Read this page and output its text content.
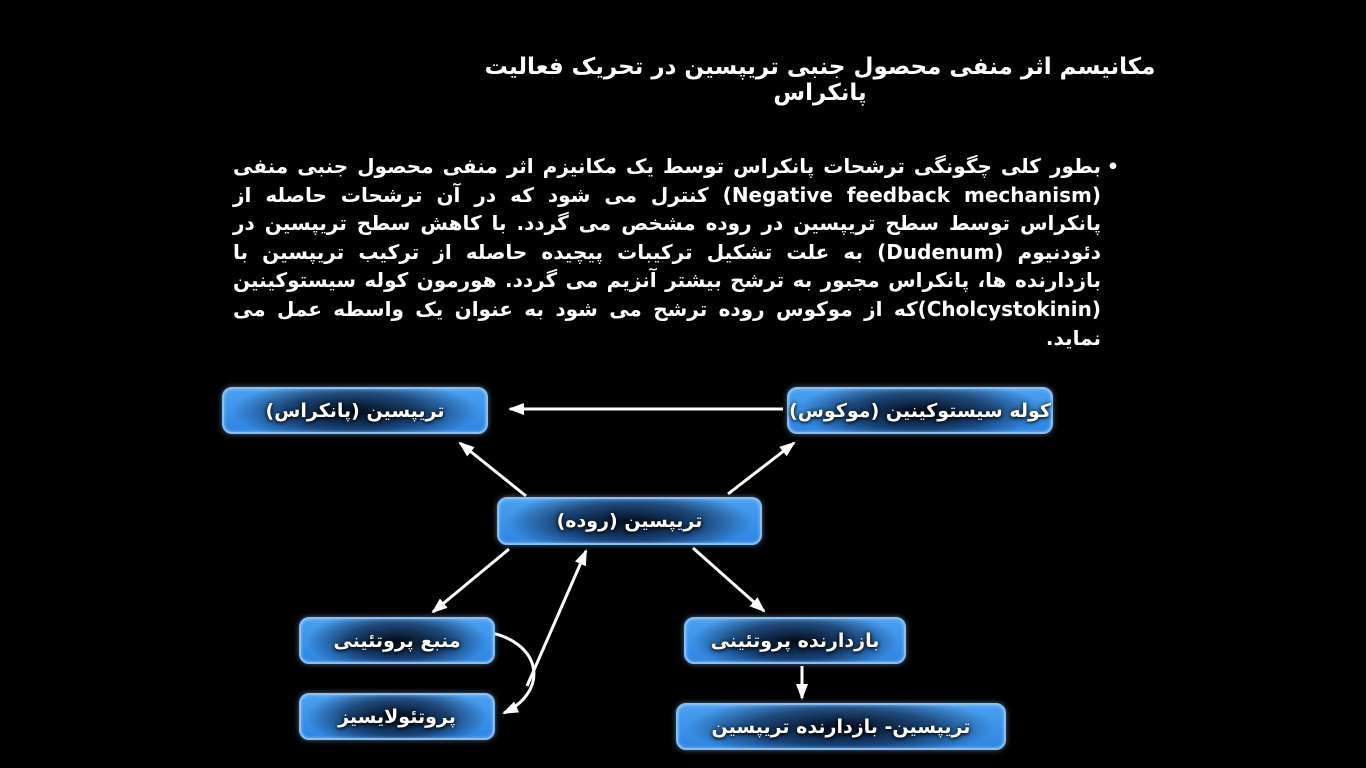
مکانیسم اثر منفی محصول جنبی تریپسین در تحریک فعالیت پانکراس
•
بطور کلی چگونگی ترشحات پانکراس توسط یک مکانیزم اثر منفی محصول جنبی منفی
(Negative feedback mechanism) کنترل می شود که در آن ترشحات حاصله از
پانکراس توسط سطح تریپسین در روده مشخص می گردد. با کاهش سطح تریپسین در
دئودنیوم (Dudenum) به علت تشکیل ترکیبات پیچیده حاصله از ترکیب تریپسین با
بازدارنده ها، پانکراس مجبور به ترشح بیشتر آنزیم می گردد. هورمون کوله سیستوکینین
(Cholcystokinin)که از موکوس روده ترشح می شود به عنوان یک واسطه عمل می
نماید.
تریپسین (پانکراس)	کوله سیستوکینین (موکوس)
تریپسین (روده)
منبع پروتئینی
پروتئولایسیز
بازدارنده پروتئینی
تریپسین- بازدارنده تریپسین
